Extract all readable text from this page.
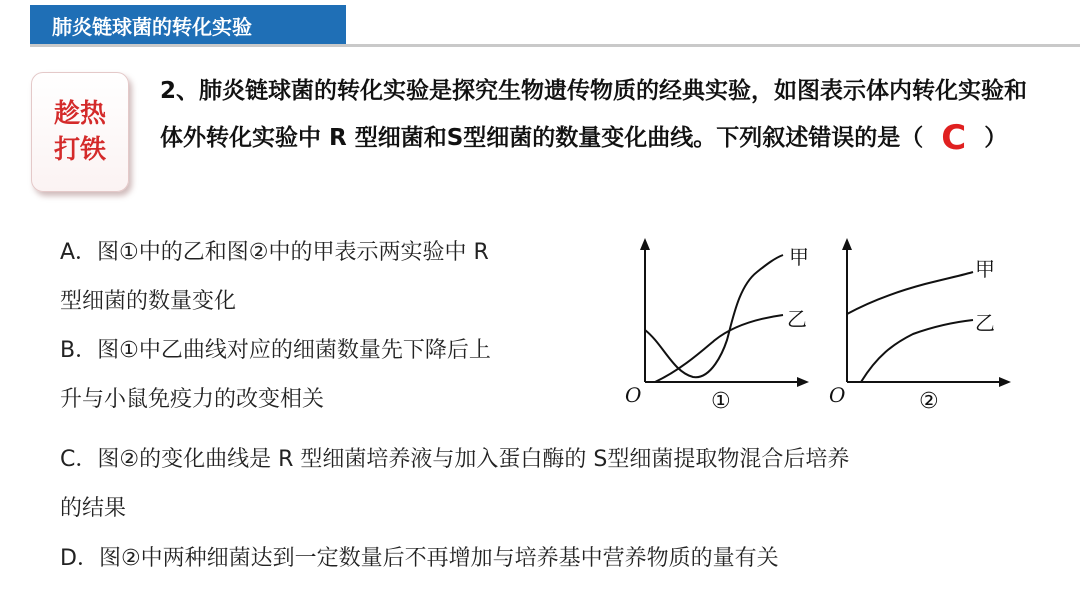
肺炎链球菌的转化实验
趁热
打铁
2、肺炎链球菌的转化实验是探究生物遗传物质的经典实验，如图表示体内转化实验和体外转化实验中 R 型细菌和S型细菌的数量变化曲线。下列叙述错误的是（ C ）
A．图①中的乙和图②中的甲表示两实验中 R
型细菌的数量变化
B．图①中乙曲线对应的细菌数量先下降后上
升与小鼠免疫力的改变相关
C．图②的变化曲线是 R 型细菌培养液与加入蛋白酶的 S型细菌提取物混合后培养
的结果
D．图②中两种细菌达到一定数量后不再增加与培养基中营养物质的量有关
甲
乙
O	①
甲
乙
O	②
